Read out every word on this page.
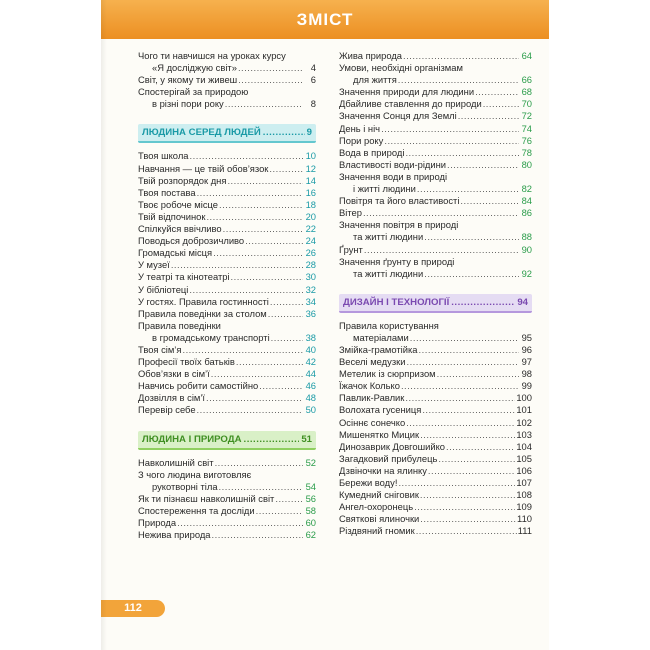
ЗМІСТ
Чого ти навчишся на уроках курсу
«Я досліджую світ» .....	4
Світ, у якому ти живеш .....	6
Спостерігай за природою
в різні пори року .....	8
ЛЮДИНА СЕРЕД ЛЮДЕЙ .....	9
Твоя школа .....	10
Навчання — це твій обов’язок .....	12
Твій розпорядок дня .....	14
Твоя постава .....	16
Твоє робоче місце .....	18
Твій відпочинок .....	20
Спілкуйся ввічливо .....	22
Поводься доброзичливо .....	24
Громадські місця .....	26
У музеї .....	28
У театрі та кінотеатрі .....	30
У бібліотеці .....	32
У гостях. Правила гостинності .....	34
Правила поведінки за столом .....	36
Правила поведінки
в громадському транспорті .....	38
Твоя сім’я .....	40
Професії твоїх батьків .....	42
Обов’язки в сім’ї .....	44
Навчись робити самостійно .....	46
Дозвілля в сім’ї .....	48
Перевір себе .....	50
ЛЮДИНА І ПРИРОДА .....	51
Навколишній світ .....	52
З чого людина виготовляє
рукотворні тіла .....	54
Як ти пізнаєш навколишній світ .....	56
Спостереження та досліди .....	58
Природа .....	60
Нежива природа .....	62
Жива природа .....	64
Умови, необхідні організмам
для життя .....	66
Значення природи для людини .....	68
Дбайливе ставлення до природи .....	70
Значення Сонця для Землі .....	72
День і ніч .....	74
Пори року .....	76
Вода в природі .....	78
Властивості води-рідини .....	80
Значення води в природі
і житті людини .....	82
Повітря та його властивості .....	84
Вітер .....	86
Значення повітря в природі
та житті людини .....	88
Ґрунт .....	90
Значення ґрунту в природі
та житті людини .....	92
ДИЗАЙН І ТЕХНОЛОГІЇ .....	94
Правила користування
матеріалами .....	95
Змійка-грамотійка .....	96
Веселі медузки .....	97
Метелик із сюрпризом .....	98
Їжачок Колько .....	99
Павлик-Равлик .....	100
Волохата гусениця .....	101
Осіннє сонечко .....	102
Мишенятко Мицик .....	103
Динозаврик Довгошийко .....	104
Загадковий прибулець .....	105
Дзвіночки на ялинку .....	106
Бережи воду! .....	107
Кумедний сніговик .....	108
Ангел-охоронець .....	109
Святкові ялиночки .....	110
Різдвяний гномик .....	111
112
